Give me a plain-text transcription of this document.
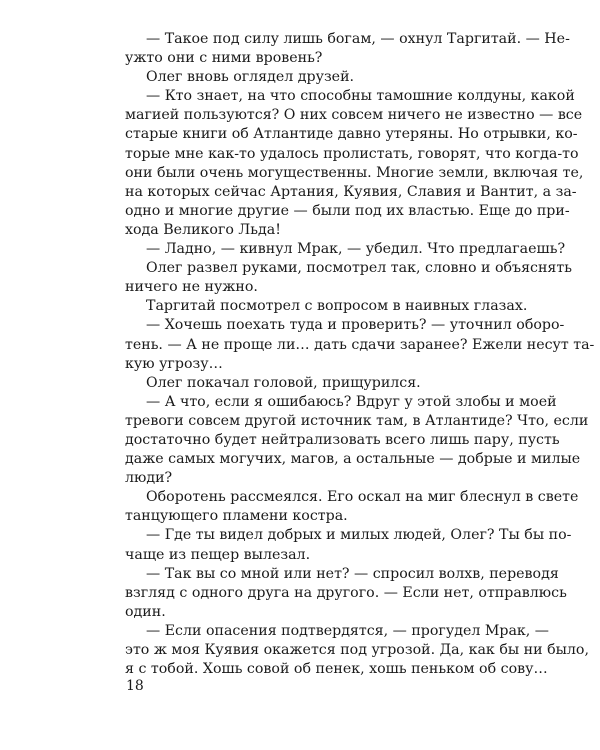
— Такое под силу лишь богам, — охнул Таргитай. — Не-
ужто они с ними вровень?
Олег вновь оглядел друзей.
— Кто знает, на что способны тамошние колдуны, какой
магией пользуются? О них совсем ничего не известно — все
старые книги об Атлантиде давно утеряны. Но отрывки, ко-
торые мне как-то удалось пролистать, говорят, что когда-то
они были очень могущественны. Многие земли, включая те,
на которых сейчас Артания, Куявия, Славия и Вантит, а за-
одно и многие другие — были под их властью. Еще до при-
хода Великого Льда!
— Ладно, — кивнул Мрак, — убедил. Что предлагаешь?
Олег развел руками, посмотрел так, словно и объяснять
ничего не нужно.
Таргитай посмотрел с вопросом в наивных глазах.
— Хочешь поехать туда и проверить? — уточнил оборо-
тень. — А не проще ли… дать сдачи заранее? Ежели несут та-
кую угрозу…
Олег покачал головой, прищурился.
— А что, если я ошибаюсь? Вдруг у этой злобы и моей
тревоги совсем другой источник там, в Атлантиде? Что, если
достаточно будет нейтрализовать всего лишь пару, пусть
даже самых могучих, магов, а остальные — добрые и милые
люди?
Оборотень рассмеялся. Его оскал на миг блеснул в свете
танцующего пламени костра.
— Где ты видел добрых и милых людей, Олег? Ты бы по-
чаще из пещер вылезал.
— Так вы со мной или нет? — спросил волхв, переводя
взгляд с одного друга на другого. — Если нет, отправлюсь
один.
— Если опасения подтвердятся, — прогудел Мрак, —
это ж моя Куявия окажется под угрозой. Да, как бы ни было,
я с тобой. Хошь совой об пенек, хошь пеньком об сову…
18
